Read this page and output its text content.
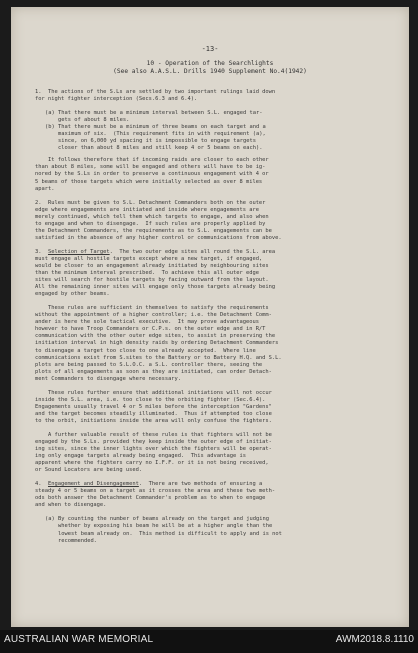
-13-
10 - Operation of the Searchlights
(See also A.A.S.L. Drills 1940 Supplement No.4(1942)
1.  The actions of the S.Ls are settled by two important rulings laid down
for night fighter interception (Secs.6.3 and 6.4).
(a) That there must be a minimum interval between S.L. engaged tar-
gets of about 8 miles.
(b) That there must be a minimum of three beams on each target and a
maximum of six.  (This requirement fits in with requirement (a),
since, on 6,000 yd spacing it is impossible to engage targets
closer than about 8 miles and still keep 4 or 5 beams on each).
It follows therefore that if incoming raids are closer to each other
than about 8 miles, some will be engaged and others will have to be ig-
nored by the S.Ls in order to preserve a continuous engagement with 4 or
5 beams of those targets which were initially selected as over 8 miles
apart.
2.  Rules must be given to S.L. Detachment Commanders both on the outer
edge where engagements are initiated and inside where engagements are
merely continued, which tell them which targets to engage, and also when
to engage and when to disengage.  If such rules are properly applied by
the Detachment Commanders, the requirements as to S.L. engagements can be
satisfied in the absence of any higher control or communications from above.
3.  Selection of Target.  The two outer edge sites all round the S.L. area
must engage all hostile targets except where a new target, if engaged,
would be closer to an engagement already initiated by neighbouring sites
than the minimum interval prescribed.  To achieve this all outer edge
sites will search for hostile targets by facing outward from the layout.
All the remaining inner sites will engage only those targets already being
engaged by other beams.
These rules are sufficient in themselves to satisfy the requirements
without the appointment of a higher controller; i.e. the Detachment Comm-
ander is here the sole tactical executive.  It may prove advantageous
however to have Troop Commanders or C.P.s. on the outer edge and in R/T
communication with the other outer edge sites, to assist in preserving the
initiation interval in high density raids by ordering Detachment Commanders
to disengage a target too close to one already accepted.  Where line
communications exist from S.sites to the Battery or to Battery H.Q. and S.L.
plots are being passed to S.L.O.C. a S.L. controller there, seeing the
plots of all engagements as soon as they are initiated, can order Detach-
ment Commanders to disengage where necessary.
These rules further ensure that additional initiations will not occur
inside the S.L. area, i.e. too close to the orbiting fighter (Sec.6.4).
Engagements usually travel 4 or 5 miles before the interception "Gardens"
and the target becomes steadily illuminated.  Thus if attempted too close
to the orbit, initiations inside the area will only confuse the fighters.
A further valuable result of these rules is that fighters will not be
engaged by the S.Ls. provided they keep inside the outer edge of initiat-
ing sites, since the inner lights over which the fighters will be operat-
ing only engage targets already being engaged.  This advantage is
apparent where the fighters carry no I.F.F. or it is not being received,
or Sound Locators are being used.
4.  Engagement and Disengagement.  There are two methods of ensuring a
steady 4 or 5 beams on a target as it crosses the area and these two meth-
ods both answer the Detachment Commander's problem as to when to engage
and when to disengage.
(a) By counting the number of beams already on the target and judging
whether by exposing his beam he will be at a higher angle than the
lowest beam already on.  This method is difficult to apply and is not
recommended.
AUSTRALIAN WAR MEMORIAL	AWM2018.8.1110
